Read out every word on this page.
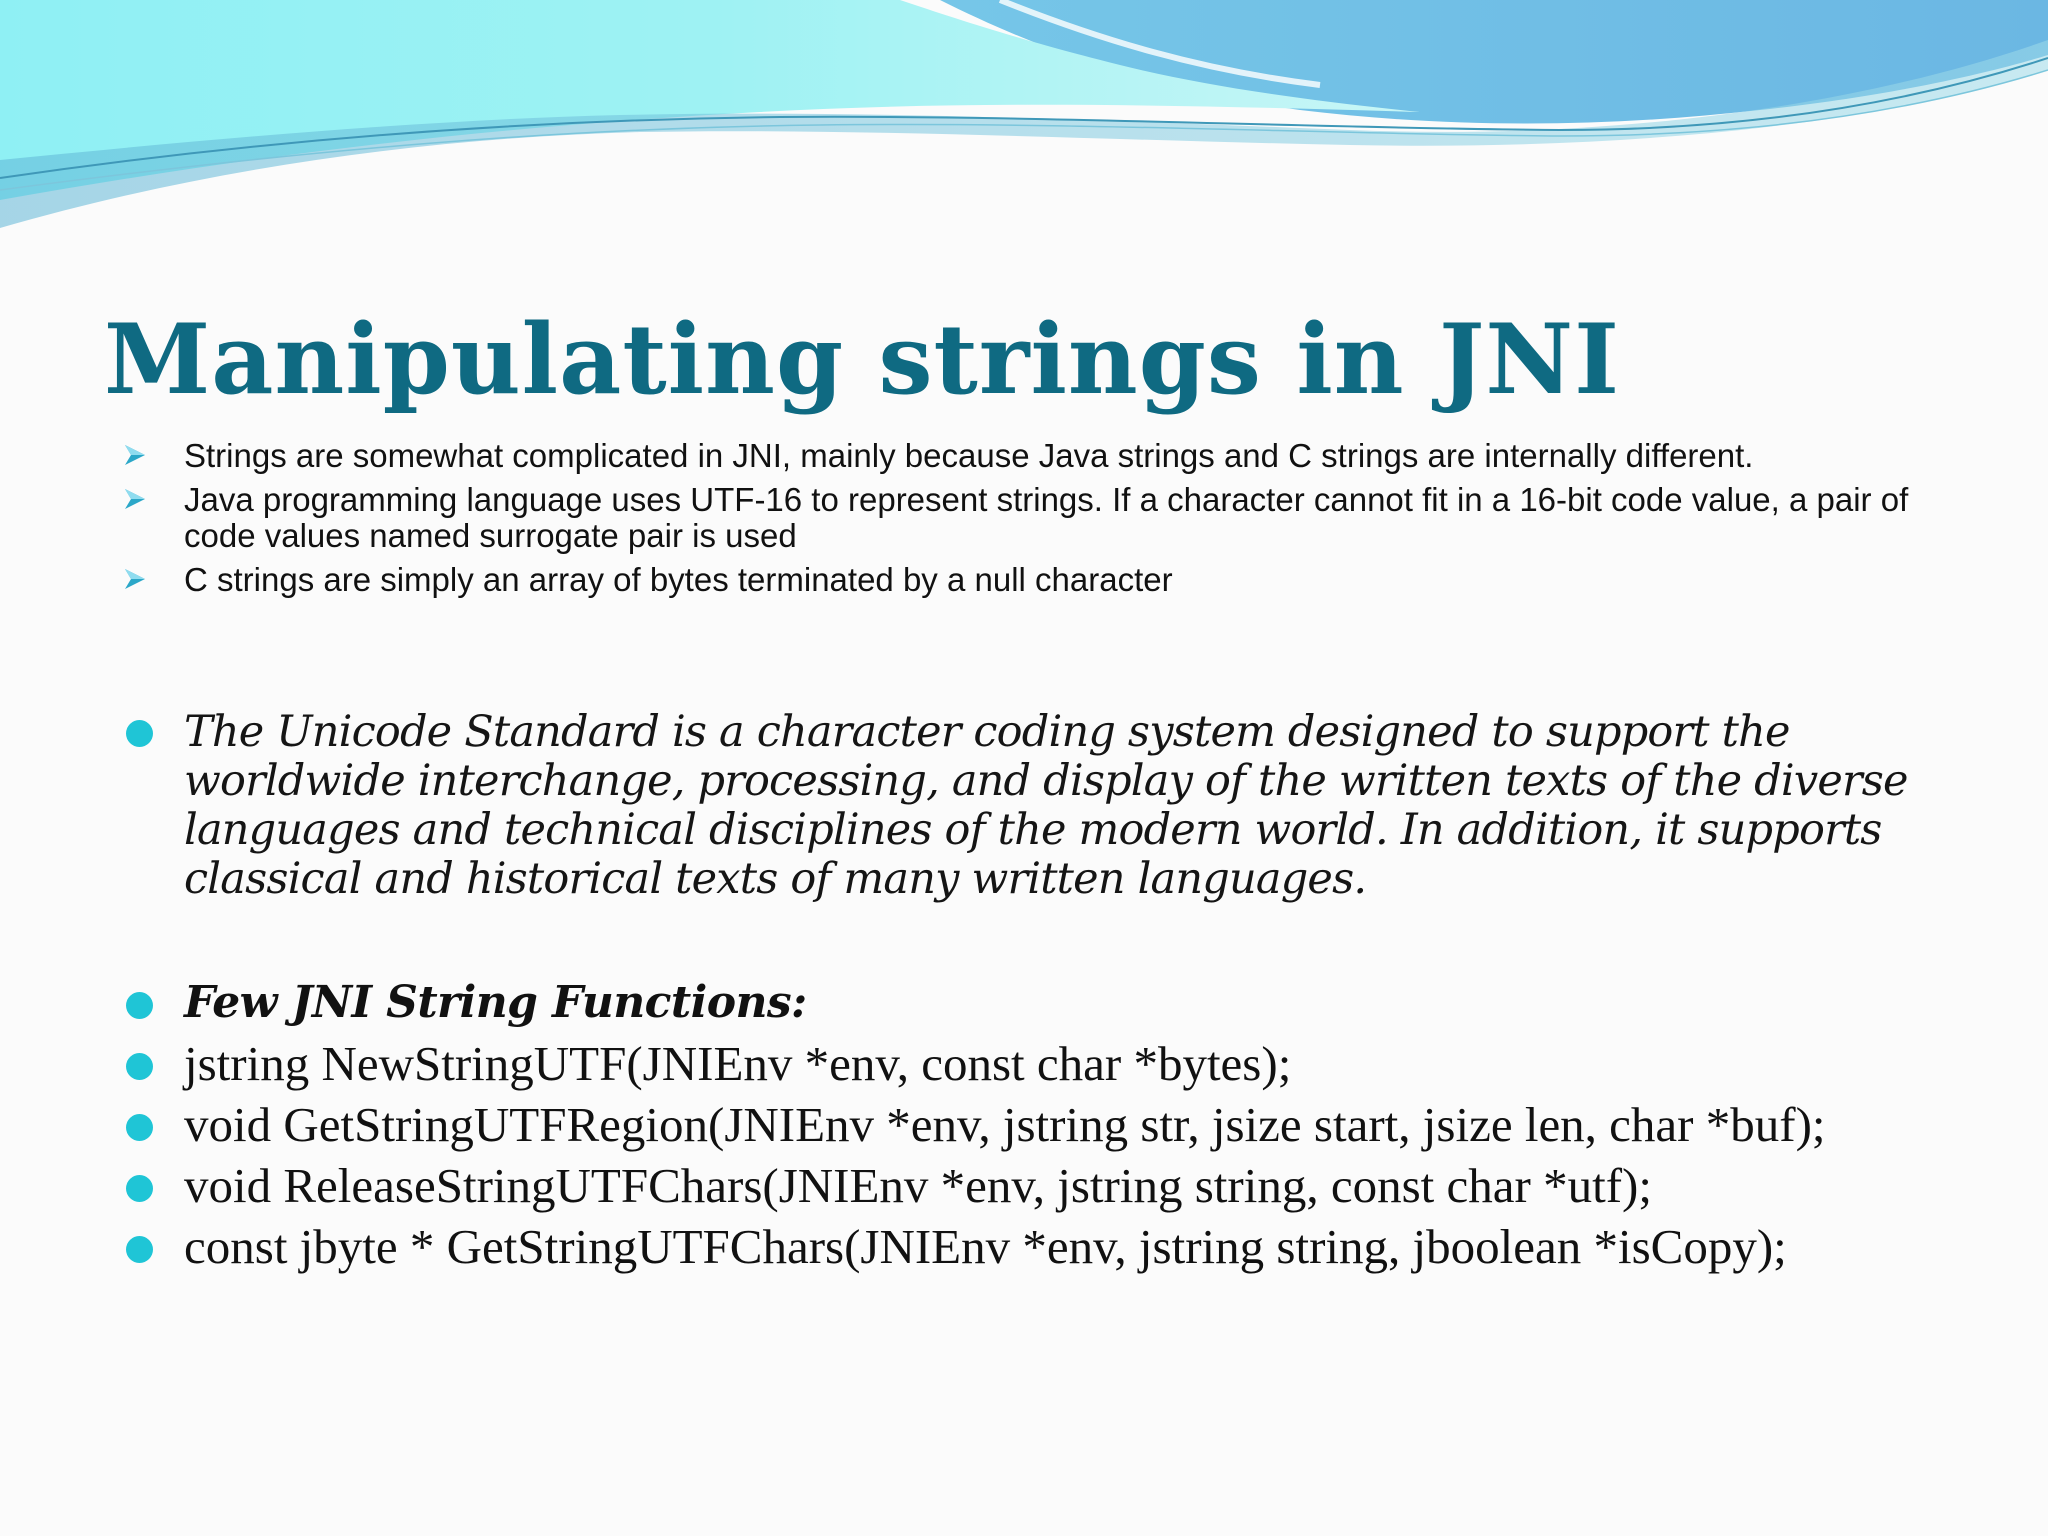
Manipulating strings in JNI
Strings are somewhat complicated in JNI, mainly because Java strings and C strings are internally different.
Java programming language uses UTF-16 to represent strings. If a character cannot fit in a 16-bit code value, a pair of code values named surrogate pair is used
C strings are simply an array of bytes terminated by a null character
The Unicode Standard is a character coding system designed to support the worldwide interchange, processing, and display of the written texts of the diverse languages and technical disciplines of the modern world. In addition, it supports classical and historical texts of many written languages.
Few JNI String Functions:
jstring NewStringUTF(JNIEnv *env, const char *bytes);
void GetStringUTFRegion(JNIEnv *env, jstring str, jsize start, jsize len, char *buf);
void ReleaseStringUTFChars(JNIEnv *env, jstring string, const char *utf);
const jbyte * GetStringUTFChars(JNIEnv *env, jstring string, jboolean *isCopy);
